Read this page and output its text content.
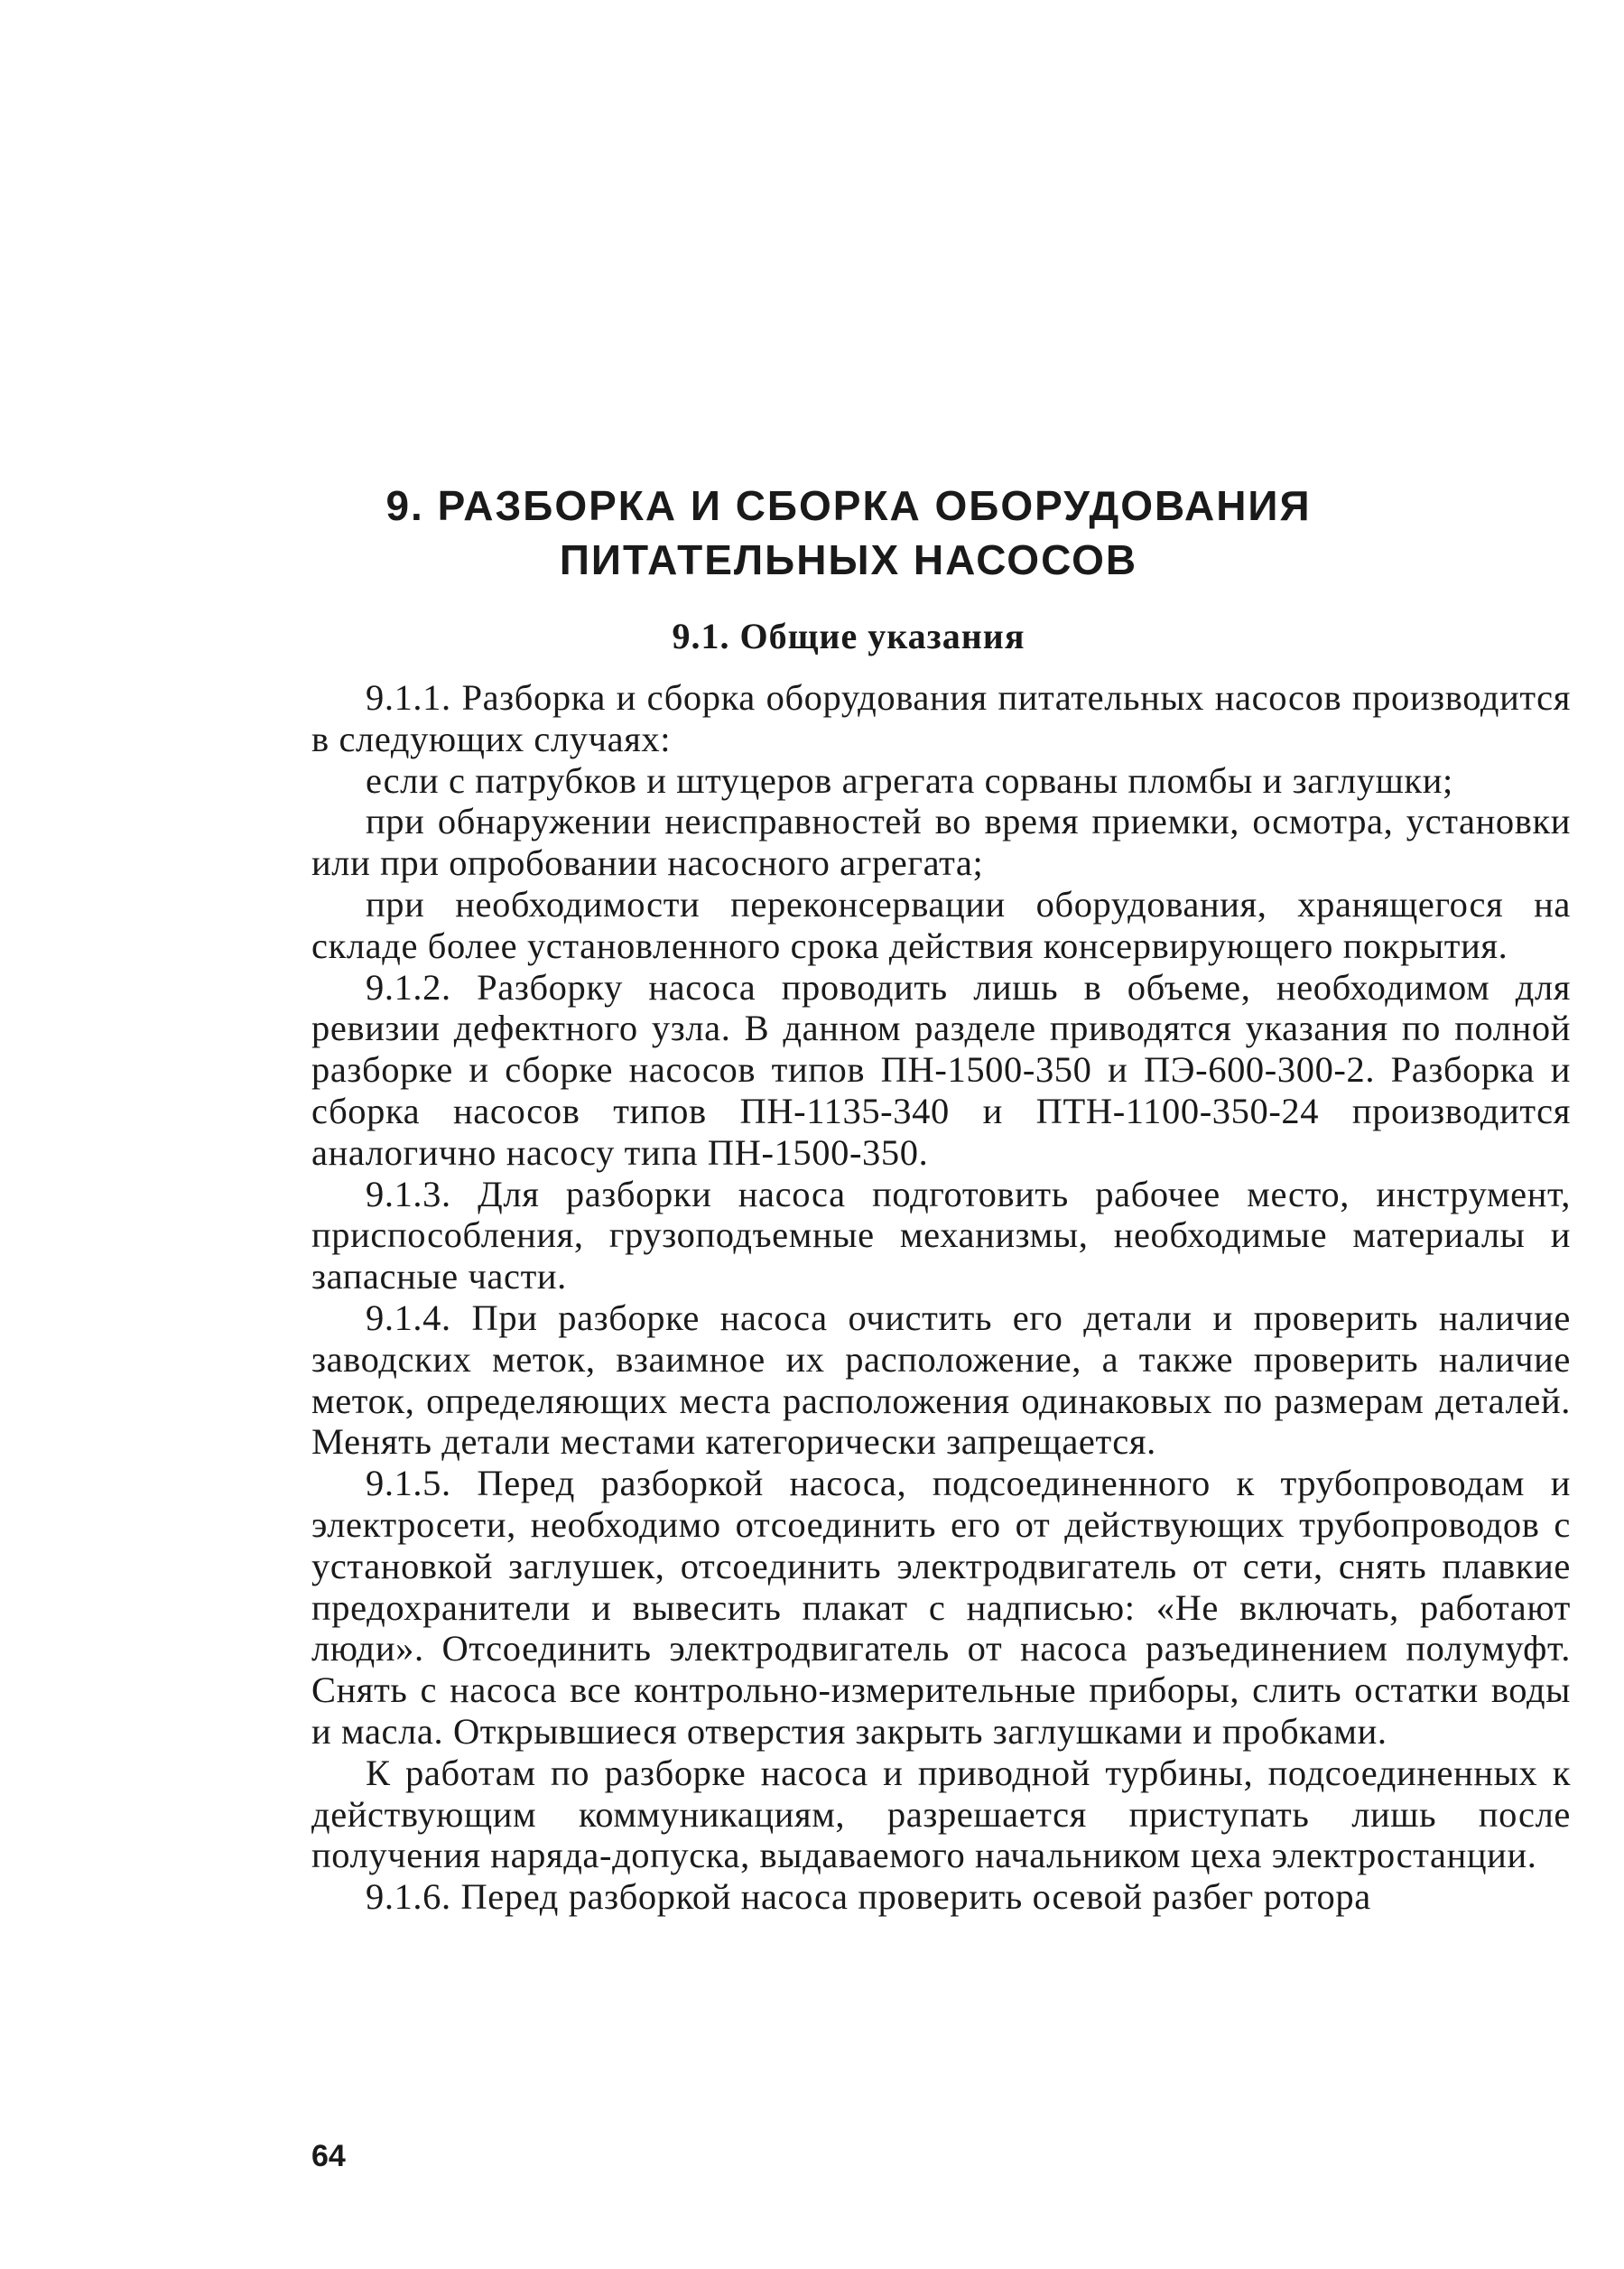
9. РАЗБОРКА И СБОРКА ОБОРУДОВАНИЯ
ПИТАТЕЛЬНЫХ НАСОСОВ
9.1. Общие указания

9.1.1. Разборка и сборка оборудования питательных насосов производится в следующих случаях:

если с патрубков и штуцеров агрегата сорваны пломбы и заглушки;

при обнаружении неисправностей во время приемки, осмотра, установки или при опробовании насосного агрегата;

при необходимости переконсервации оборудования, хранящегося на складе более установленного срока действия консервирующего покрытия.

9.1.2. Разборку насоса проводить лишь в объеме, необходимом для ревизии дефектного узла. В данном разделе приводятся указания по полной разборке и сборке насосов типов ПН-1500-350 и ПЭ-600-300-2. Разборка и сборка насосов типов ПН-1135-340 и ПТН-1100-350-24 производится аналогично насосу типа ПН-1500-350.

9.1.3. Для разборки насоса подготовить рабочее место, инструмент, приспособления, грузоподъемные механизмы, необходимые материалы и запасные части.

9.1.4. При разборке насоса очистить его детали и проверить наличие заводских меток, взаимное их расположение, а также проверить наличие меток, определяющих места расположения одинаковых по размерам деталей. Менять детали местами категорически запрещается.

9.1.5. Перед разборкой насоса, подсоединенного к трубопроводам и электросети, необходимо отсоединить его от действующих трубопроводов с установкой заглушек, отсоединить электродвигатель от сети, снять плавкие предохранители и вывесить плакат с надписью: «Не включать, работают люди». Отсоединить электродвигатель от насоса разъединением полумуфт. Снять с насоса все контрольно-измерительные приборы, слить остатки воды и масла. Открывшиеся отверстия закрыть заглушками и пробками.

К работам по разборке насоса и приводной турбины, подсоединенных к действующим коммуникациям, разрешается приступать лишь после получения наряда-допуска, выдаваемого начальником цеха электростанции.

9.1.6. Перед разборкой насоса проверить осевой разбег ротора

64
